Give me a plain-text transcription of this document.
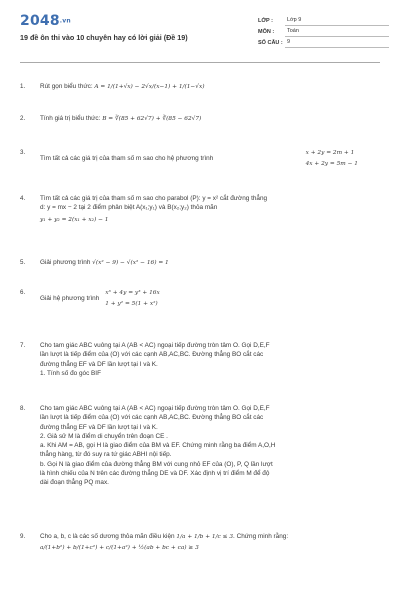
2048.vn
19 đề ôn thi vào 10 chuyên hay có lời giải (Đề 19)
LỚP :	Lớp 9
MÔN :	Toán
SỐ CÂU : 9
1. Rút gọn biểu thức: A = 1/(1+√x) − 2√x/(x−1) + 1/(1−√x)
2. Tính giá trị biểu thức: B = ∛(85 + 62√7) + ∛(85 − 62√7)
3.
Tìm tất cả các giá trị của tham số m sao cho hệ phương trình
x + 2y = 2m + 1
4x + 2y = 5m − 1
4. Tìm tất cả các giá trị của tham số m sao cho parabol (P): y = x² cắt đường thẳng
d: y = mx − 2 tại 2 điểm phân biệt A(x₁;y₁) và B(x₂;y₂) thỏa mãn
y₁ + y₂ = 2(x₁ + x₂) − 1
5. Giải phương trình √(x² − 9) − √(x² − 16) = 1
6.
Giải hệ phương trình
x³ + 4y = y³ + 16x
1 + y² = 5(1 + x²)
7. Cho tam giác ABC vuông tại A (AB < AC) ngoại tiếp đường tròn tâm O. Gọi D,E,F
lần lượt là tiếp điểm của (O) với các cạnh AB,AC,BC. Đường thẳng BO cắt các
đường thẳng EF và DF lần lượt tại I và K.
1. Tính số đo góc BIF
8. Cho tam giác ABC vuông tại A (AB < AC) ngoại tiếp đường tròn tâm O. Gọi D,E,F
lần lượt là tiếp điểm của (O) với các cạnh AB,AC,BC. Đường thẳng BO cắt các
đường thẳng EF và DF lần lượt tại I và K.
2. Giả sử M là điểm di chuyển trên đoạn CE .
a. Khi AM = AB, gọi H là giao điểm của BM và EF. Chứng minh rằng ba điểm A,O,H
thẳng hàng, từ đó suy ra tứ giác ABHI nội tiếp.
b. Gọi N là giao điểm của đường thẳng BM với cung nhỏ EF của (O), P, Q lần lượt
là hình chiếu của N trên các đường thẳng DE và DF. Xác định vị trí điểm M để độ
dài đoạn thẳng PQ max.
9. Cho a, b, c là các số dương thỏa mãn điều kiện 1/a + 1/b + 1/c ≤ 3. Chứng minh rằng:
a/(1+b²) + b/(1+c²) + c/(1+a²) + ½(ab + bc + ca) ≥ 3
